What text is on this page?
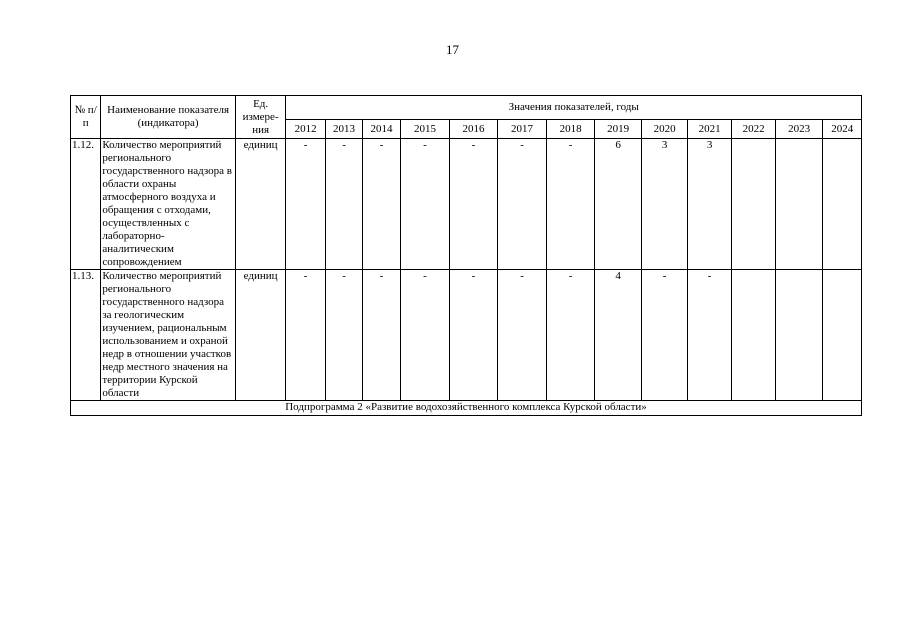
17
№ п/п	Наименование показателя (индикатора)	Ед. измере-ния	Значения показателей, годы												
			2012	2013	2014	2015	2016	2017	2018	2019	2020	2021	2022	2023	2024
1.12.	Количество мероприятий регионального государственного надзора в области охраны атмосферного воздуха и обращения с отходами, осуществленных с лабораторно-аналитическим сопровождением	единиц	-	-	-	-	-	-	-	6	3	3			
1.13.	Количество мероприятий регионального государственного надзора за геологическим изучением, рациональным использованием и охраной недр в отношении участков недр местного значения на территории Курской области	единиц	-	-	-	-	-	-	-	4	-	-			
Подпрограмма 2 «Развитие водохозяйственного комплекса Курской области»															
